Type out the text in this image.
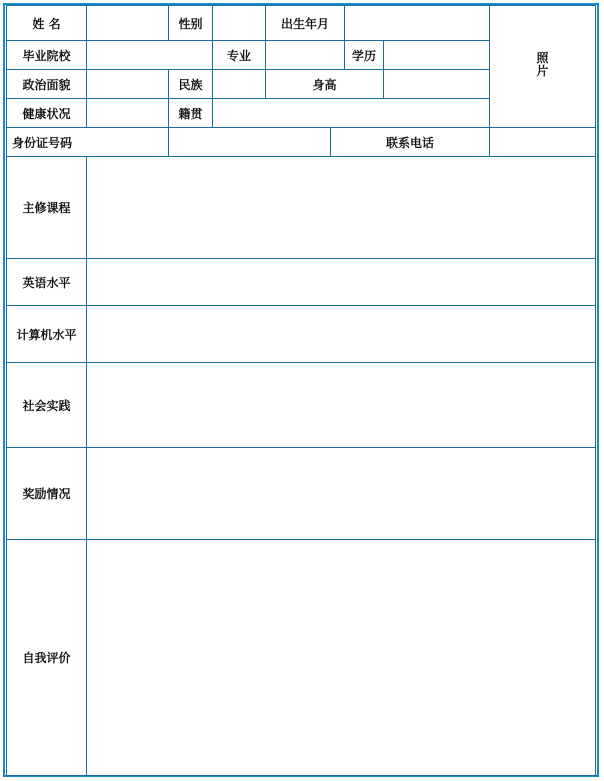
姓 名		性别		出生年月				照
片

毕业院校			专业			学历		
政治面貌		民族		身高				
健康状况		籍贯						
身份证号码					联系电话			
主修课程								
英语水平								
计算机水平								
社会实践								
奖励情况								
自我评价								
